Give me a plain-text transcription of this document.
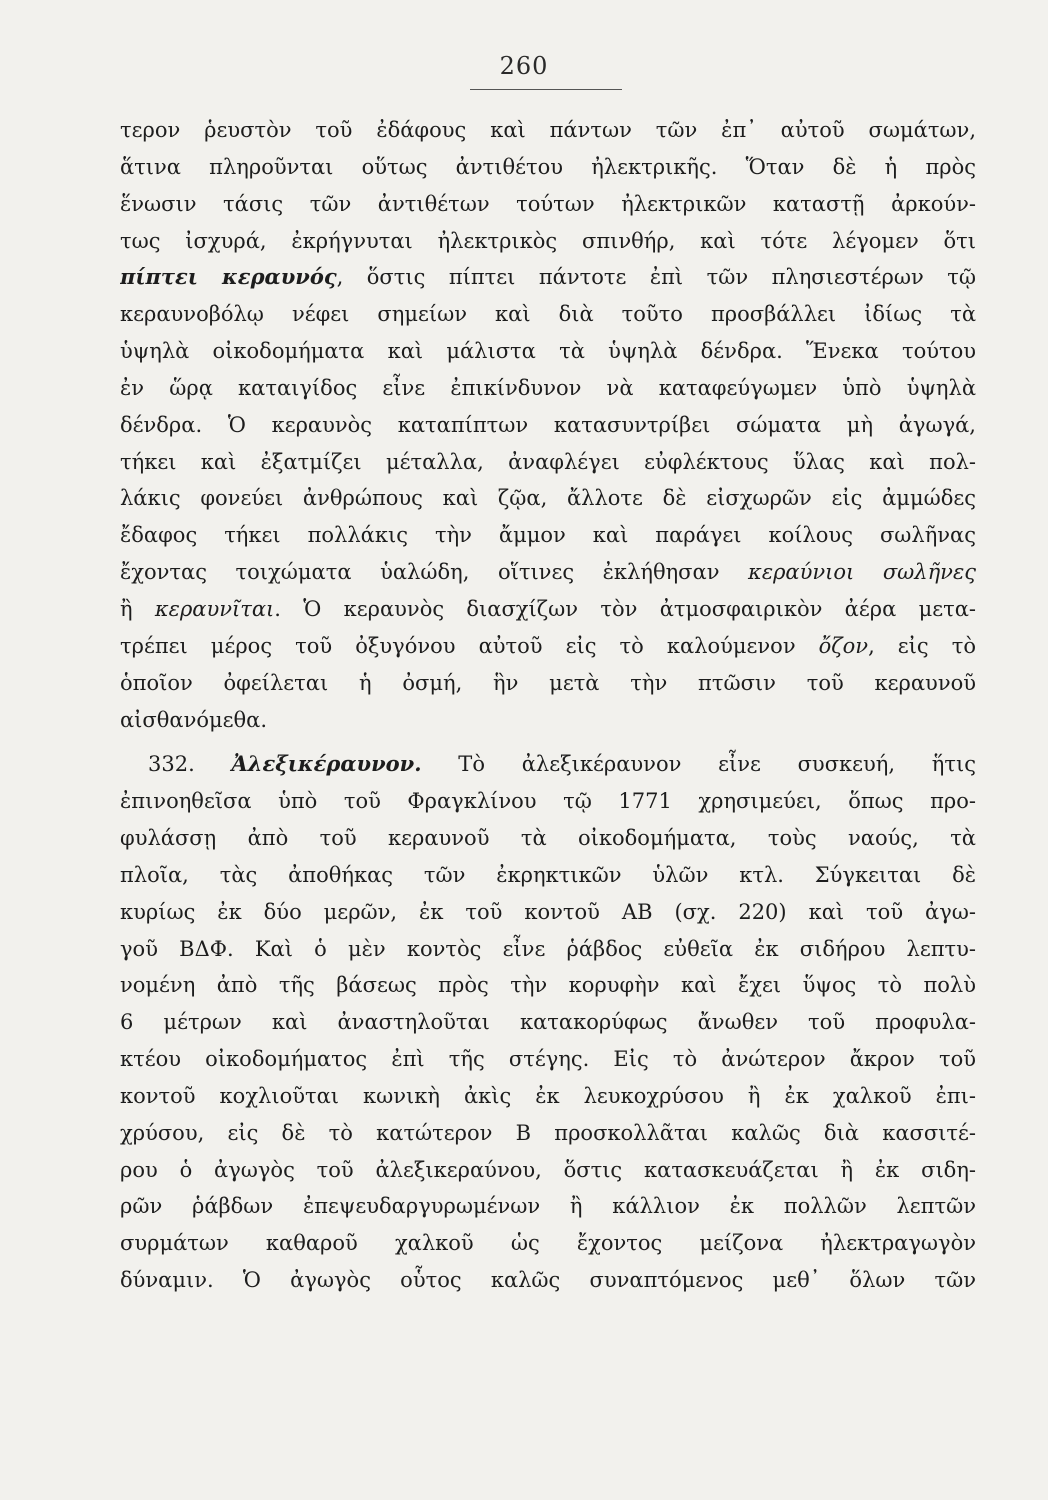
260
τερον ῥευστὸν τοῦ ἐδάφους καὶ πάντων τῶν ἐπ᾽ αὐτοῦ σωμάτων,
ἅτινα πληροῦνται οὕτως ἀντιθέτου ἠλεκτρικῆς. Ὅταν δὲ ἡ πρὸς
ἕνωσιν τάσις τῶν ἀντιθέτων τούτων ἠλεκτρικῶν καταστῇ ἀρκούν-
τως ἰσχυρά, ἐκρήγνυται ἠλεκτρικὸς σπινθήρ, καὶ τότε λέγομεν ὅτι
πίπτει κεραυνός, ὅστις πίπτει πάντοτε ἐπὶ τῶν πλησιεστέρων τῷ
κεραυνοβόλῳ νέφει σημείων καὶ διὰ τοῦτο προσβάλλει ἰδίως τὰ
ὑψηλὰ οἰκοδομήματα καὶ μάλιστα τὰ ὑψηλὰ δένδρα. Ἕνεκα τούτου
ἐν ὥρᾳ καταιγίδος εἶνε ἐπικίνδυνον νὰ καταφεύγωμεν ὑπὸ ὑψηλὰ
δένδρα. Ὁ κεραυνὸς καταπίπτων κατασυντρίβει σώματα μὴ ἀγωγά,
τήκει καὶ ἐξατμίζει μέταλλα, ἀναφλέγει εὐφλέκτους ὕλας καὶ πολ-
λάκις φονεύει ἀνθρώπους καὶ ζῷα, ἄλλοτε δὲ εἰσχωρῶν εἰς ἀμμώδες
ἔδαφος τήκει πολλάκις τὴν ἄμμον καὶ παράγει κοίλους σωλῆνας
ἔχοντας τοιχώματα ὑαλώδη, οἵτινες ἐκλήθησαν κεραύνιοι σωλῆνες
ἢ κεραυνῖται. Ὁ κεραυνὸς διασχίζων τὸν ἀτμοσφαιρικὸν ἀέρα μετα-
τρέπει μέρος τοῦ ὀξυγόνου αὐτοῦ εἰς τὸ καλούμενον ὄζον, εἰς τὸ
ὁποῖον ὀφείλεται ἡ ὀσμή, ἣν μετὰ τὴν πτῶσιν τοῦ κεραυνοῦ
αἰσθανόμεθα.
332. Ἀλεξικέραυνον. Τὸ ἀλεξικέραυνον εἶνε συσκευή, ἥτις
ἐπινοηθεῖσα ὑπὸ τοῦ Φραγκλίνου τῷ 1771 χρησιμεύει, ὅπως προ-
φυλάσσῃ ἀπὸ τοῦ κεραυνοῦ τὰ οἰκοδομήματα, τοὺς ναούς, τὰ
πλοῖα, τὰς ἀποθήκας τῶν ἐκρηκτικῶν ὑλῶν κτλ. Σύγκειται δὲ
κυρίως ἐκ δύο μερῶν, ἐκ τοῦ κοντοῦ ΑΒ (σχ. 220) καὶ τοῦ ἀγω-
γοῦ ΒΔΦ. Καὶ ὁ μὲν κοντὸς εἶνε ῥάβδος εὐθεῖα ἐκ σιδήρου λεπτυ-
νομένη ἀπὸ τῆς βάσεως πρὸς τὴν κορυφὴν καὶ ἔχει ὕψος τὸ πολὺ
6 μέτρων καὶ ἀναστηλοῦται κατακορύφως ἄνωθεν τοῦ προφυλα-
κτέου οἰκοδομήματος ἐπὶ τῆς στέγης. Εἰς τὸ ἀνώτερον ἄκρον τοῦ
κοντοῦ κοχλιοῦται κωνικὴ ἀκὶς ἐκ λευκοχρύσου ἢ ἐκ χαλκοῦ ἐπι-
χρύσου, εἰς δὲ τὸ κατώτερον Β προσκολλᾶται καλῶς διὰ κασσιτέ-
ρου ὁ ἀγωγὸς τοῦ ἀλεξικεραύνου, ὅστις κατασκευάζεται ἢ ἐκ σιδη-
ρῶν ῥάβδων ἐπεψευδαργυρωμένων ἢ κάλλιον ἐκ πολλῶν λεπτῶν
συρμάτων καθαροῦ χαλκοῦ ὡς ἔχοντος μείζονα ἠλεκτραγωγὸν
δύναμιν. Ὁ ἀγωγὸς οὗτος καλῶς συναπτόμενος μεθ᾽ ὅλων τῶν
